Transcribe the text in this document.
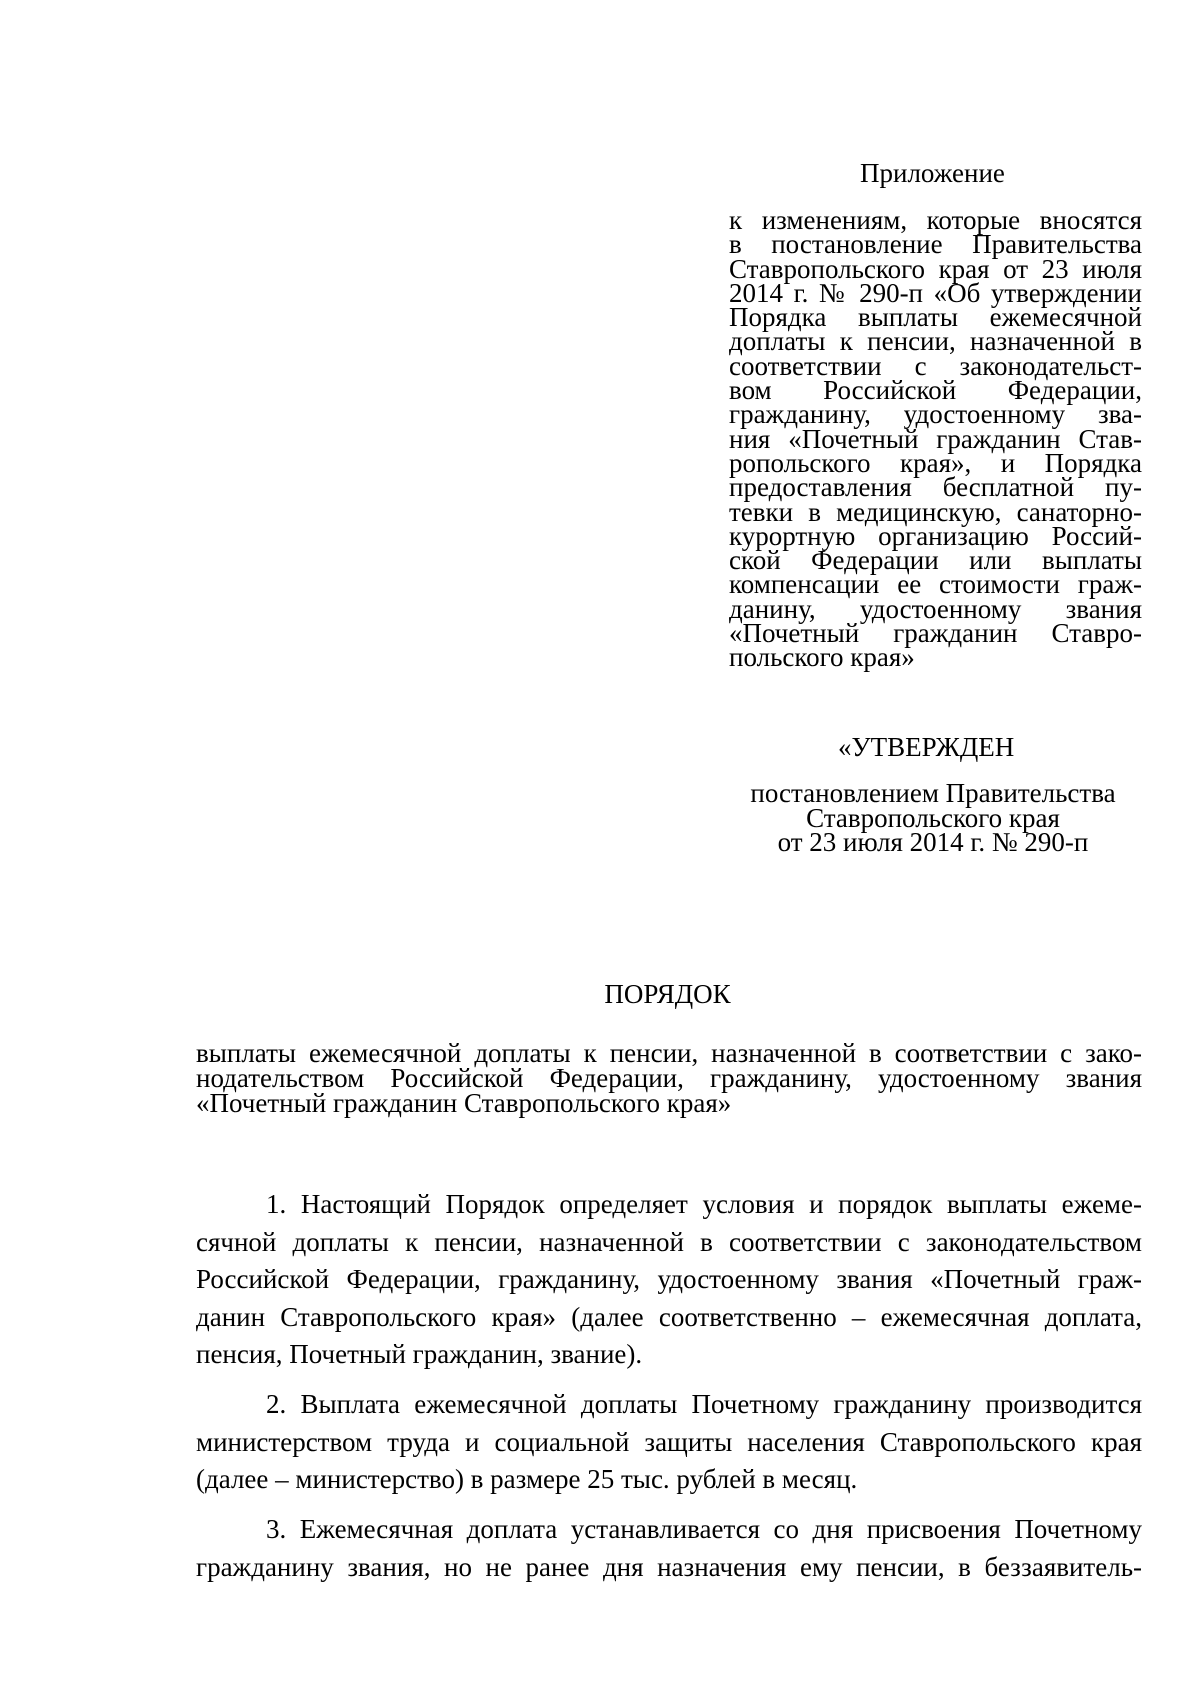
Приложение
к изменениям, которые вносятся
в постановление Правительства
Ставропольского края от 23 июля
2014 г. № 290-п «Об утверждении
Порядка выплаты ежемесячной
доплаты к пенсии, назначенной в
соответствии с законодательст-
вом Российской Федерации,
гражданину, удостоенному зва-
ния «Почетный гражданин Став-
ропольского края», и Порядка
предоставления бесплатной пу-
тевки в медицинскую, санаторно-
курортную организацию Россий-
ской Федерации или выплаты
компенсации ее стоимости граж-
данину, удостоенному звания
«Почетный гражданин Ставро-
польского края»
«УТВЕРЖДЕН
постановлением Правительства
Ставропольского края
от 23 июля 2014 г. № 290-п
ПОРЯДОК
выплаты ежемесячной доплаты к пенсии, назначенной в соответствии с зако-
нодательством Российской Федерации, гражданину, удостоенному звания
«Почетный гражданин Ставропольского края»
1. Настоящий Порядок определяет условия и порядок выплаты ежеме-
сячной доплаты к пенсии, назначенной в соответствии с законодательством
Российской Федерации, гражданину, удостоенному звания «Почетный граж-
данин Ставропольского края» (далее соответственно – ежемесячная доплата,
пенсия, Почетный гражданин, звание).
2. Выплата ежемесячной доплаты Почетному гражданину производится
министерством труда и социальной защиты населения Ставропольского края
(далее – министерство) в размере 25 тыс. рублей в месяц.
3. Ежемесячная доплата устанавливается со дня присвоения Почетному
гражданину звания, но не ранее дня назначения ему пенсии, в беззаявитель-
